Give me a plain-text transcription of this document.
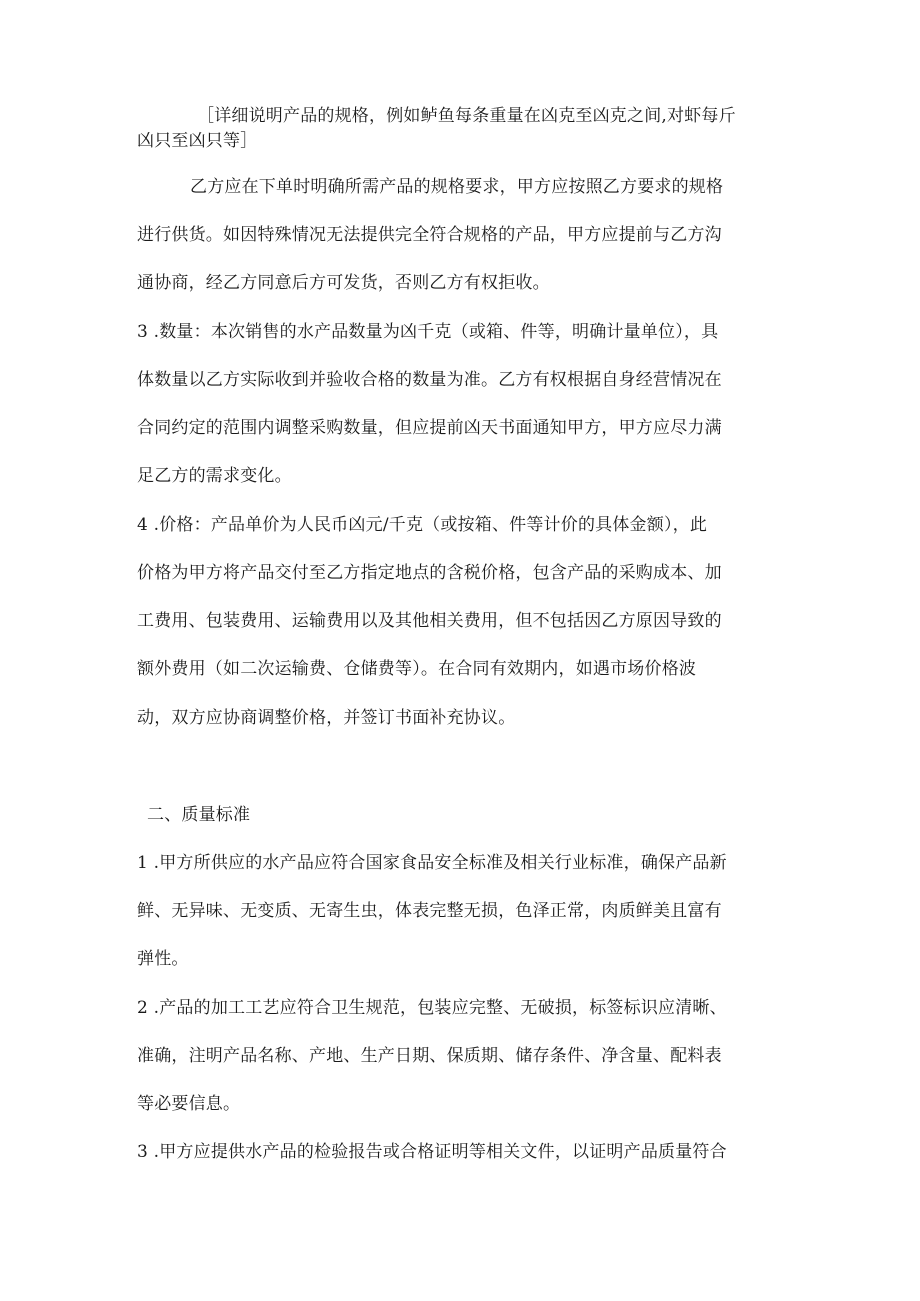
［详细说明产品的规格，例如鲈鱼每条重量在凶克至凶克之间,对虾每斤
凶只至凶只等］
乙方应在下单时明确所需产品的规格要求，甲方应按照乙方要求的规格
进行供货。如因特殊情况无法提供完全符合规格的产品，甲方应提前与乙方沟
通协商，经乙方同意后方可发货，否则乙方有权拒收。
3 .数量：本次销售的水产品数量为凶千克（或箱、件等，明确计量单位），具
体数量以乙方实际收到并验收合格的数量为准。乙方有权根据自身经营情况在
合同约定的范围内调整采购数量，但应提前凶天书面通知甲方，甲方应尽力满
足乙方的需求变化。
4 .价格：产品单价为人民币凶元/千克（或按箱、件等计价的具体金额），此
价格为甲方将产品交付至乙方指定地点的含税价格，包含产品的采购成本、加
工费用、包装费用、运输费用以及其他相关费用，但不包括因乙方原因导致的
额外费用（如二次运输费、仓储费等）。在合同有效期内，如遇市场价格波
动，双方应协商调整价格，并签订书面补充协议。
二、质量标准
1 .甲方所供应的水产品应符合国家食品安全标准及相关行业标准，确保产品新
鲜、无异味、无变质、无寄生虫，体表完整无损，色泽正常，肉质鲜美且富有
弹性。
2 .产品的加工工艺应符合卫生规范，包装应完整、无破损，标签标识应清晰、
准确，注明产品名称、产地、生产日期、保质期、储存条件、净含量、配料表
等必要信息。
3 .甲方应提供水产品的检验报告或合格证明等相关文件，以证明产品质量符合
